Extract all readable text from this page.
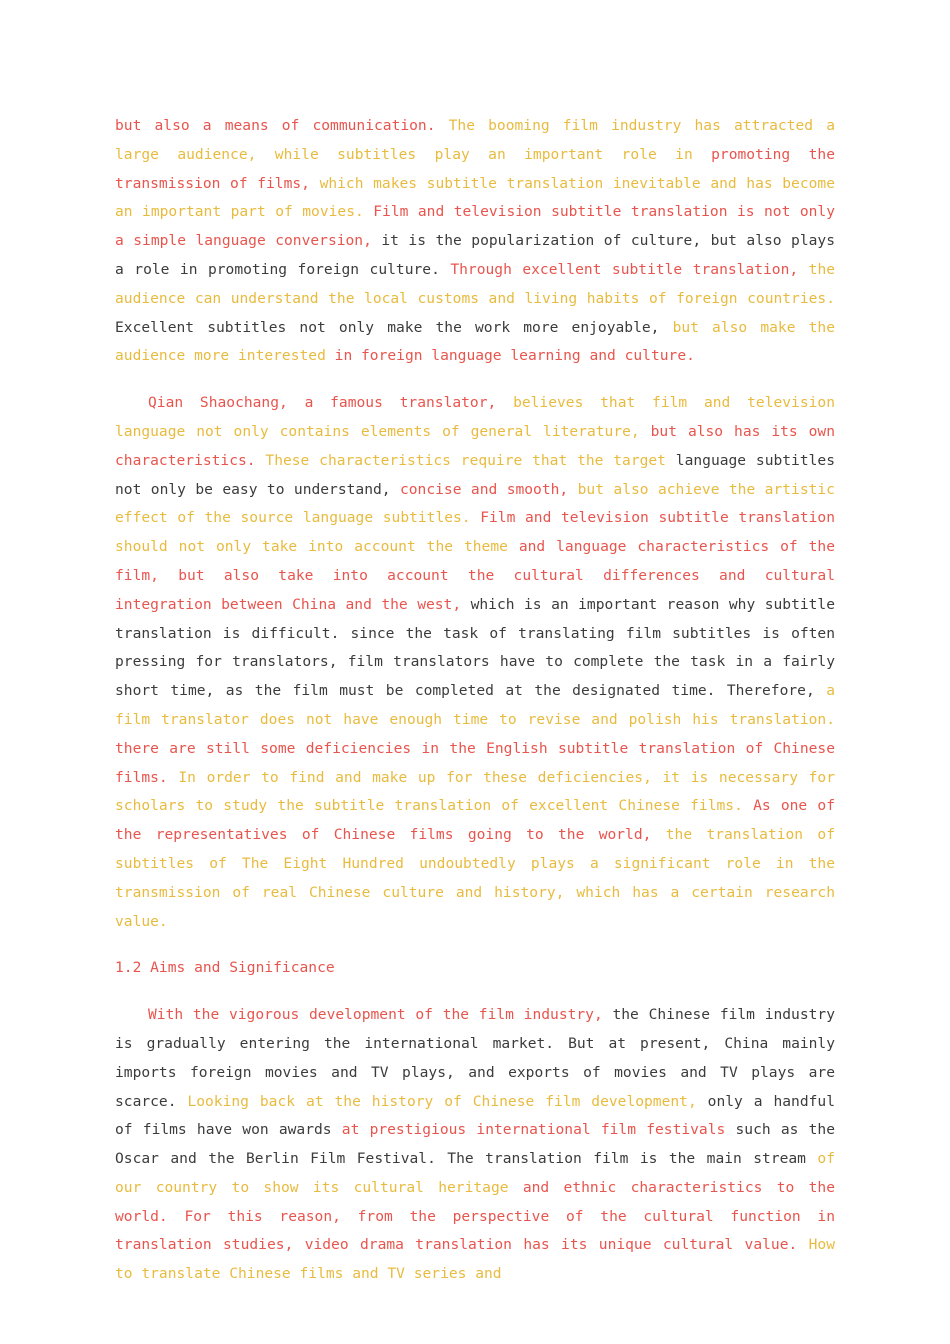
but also a means of communication. The booming film industry has attracted a large audience, while subtitles play an important role in promoting the transmission of films, which makes subtitle translation inevitable and has become an important part of movies. Film and television subtitle translation is not only a simple language conversion, it is the popularization of culture, but also plays a role in promoting foreign culture. Through excellent subtitle translation, the audience can understand the local customs and living habits of foreign countries. Excellent subtitles not only make the work more enjoyable, but also make the audience more interested in foreign language learning and culture.

Qian Shaochang, a famous translator, believes that film and television language not only contains elements of general literature, but also has its own characteristics. These characteristics require that the target language subtitles not only be easy to understand, concise and smooth, but also achieve the artistic effect of the source language subtitles. Film and television subtitle translation should not only take into account the theme and language characteristics of the film, but also take into account the cultural differences and cultural integration between China and the west, which is an important reason why subtitle translation is difficult. since the task of translating film subtitles is often pressing for translators, film translators have to complete the task in a fairly short time, as the film must be completed at the designated time. Therefore, a film translator does not have enough time to revise and polish his translation. there are still some deficiencies in the English subtitle translation of Chinese films. In order to find and make up for these deficiencies, it is necessary for scholars to study the subtitle translation of excellent Chinese films. As one of the representatives of Chinese films going to the world, the translation of subtitles of The Eight Hundred undoubtedly plays a significant role in the transmission of real Chinese culture and history, which has a certain research value.

1.2 Aims and Significance

With the vigorous development of the film industry, the Chinese film industry is gradually entering the international market. But at present, China mainly imports foreign movies and TV plays, and exports of movies and TV plays are scarce. Looking back at the history of Chinese film development, only a handful of films have won awards at prestigious international film festivals such as the Oscar and the Berlin Film Festival. The translation film is the main stream of our country to show its cultural heritage and ethnic characteristics to the world. For this reason, from the perspective of the cultural function in translation studies, video drama translation has its unique cultural value. How to translate Chinese films and TV series and
